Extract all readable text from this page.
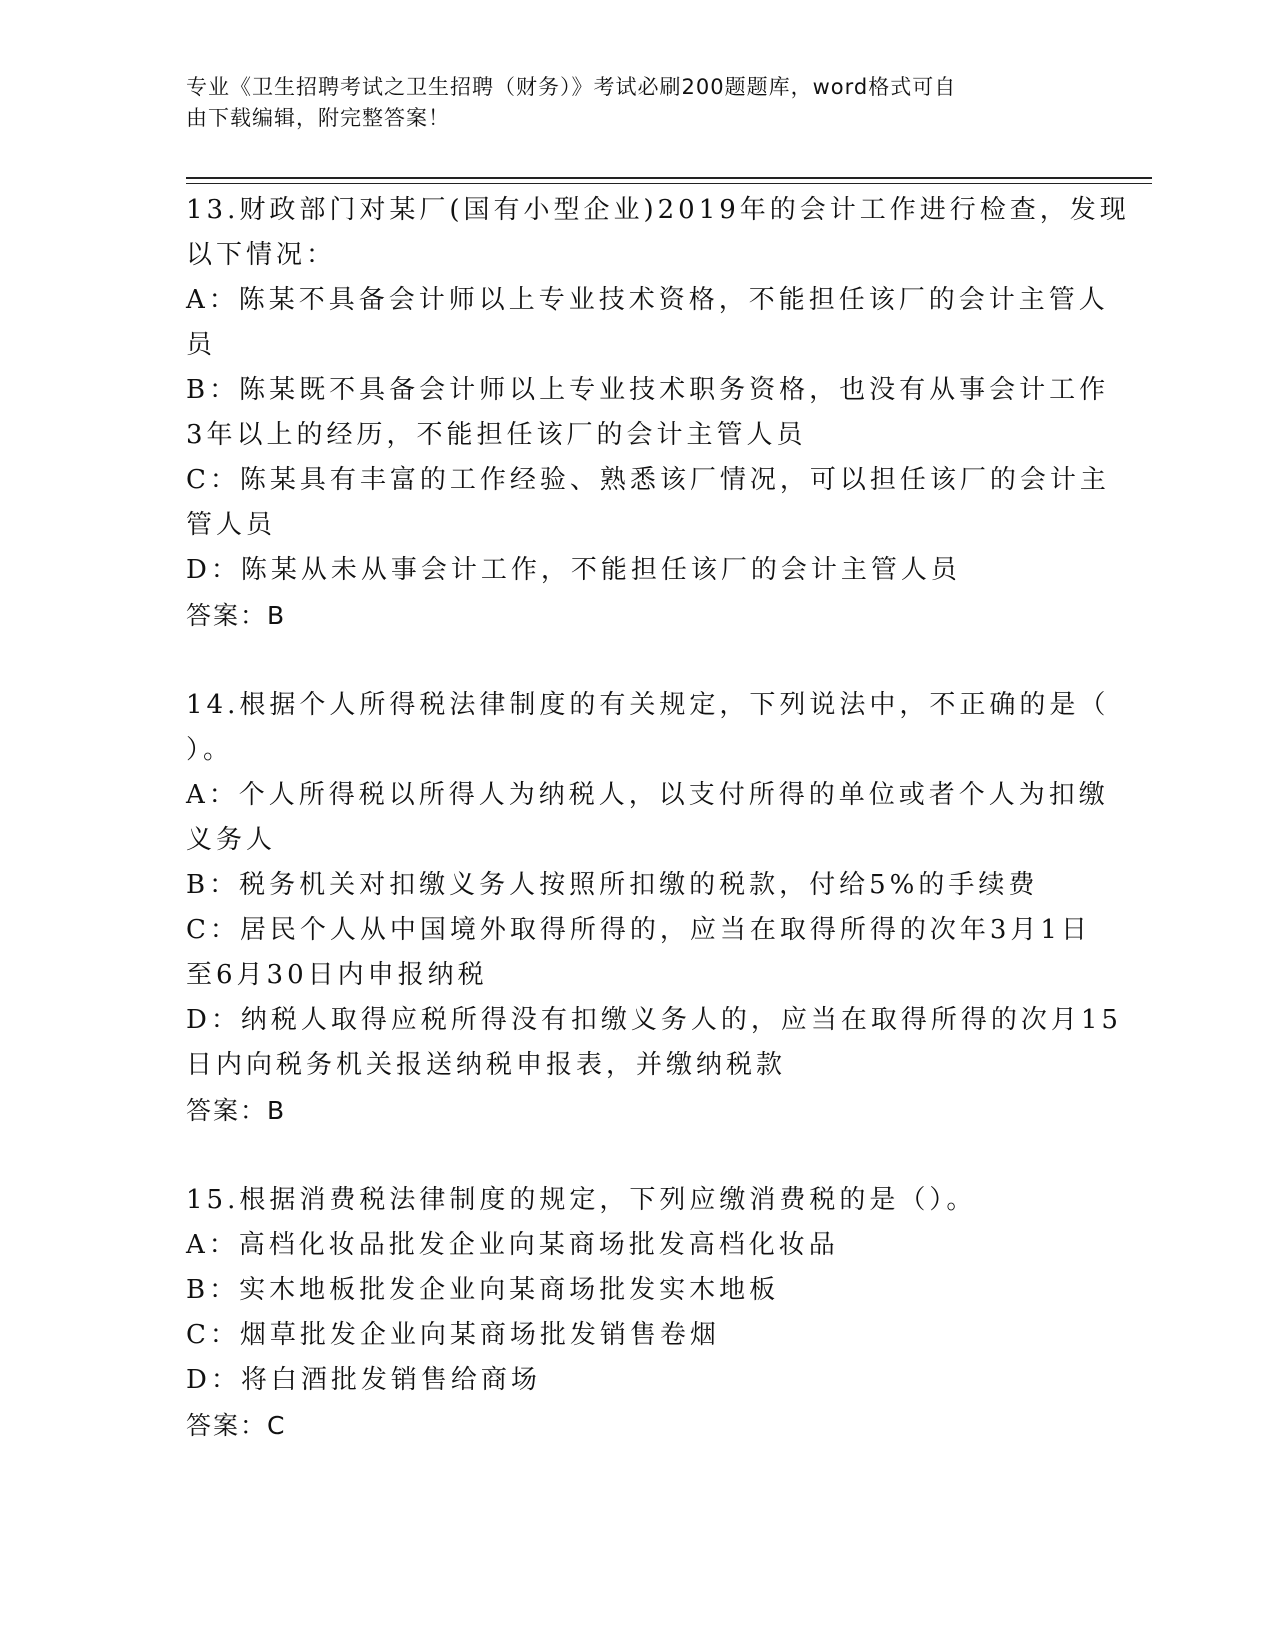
专业《卫生招聘考试之卫生招聘（财务）》考试必刷200题题库，word格式可自
由下载编辑，附完整答案！
13.财政部门对某厂(国有小型企业)2019年的会计工作进行检查，发现
以下情况：
A：陈某不具备会计师以上专业技术资格，不能担任该厂的会计主管人
员
B：陈某既不具备会计师以上专业技术职务资格，也没有从事会计工作
3年以上的经历，不能担任该厂的会计主管人员
C：陈某具有丰富的工作经验、熟悉该厂情况，可以担任该厂的会计主
管人员
D：陈某从未从事会计工作，不能担任该厂的会计主管人员
答案：B
14.根据个人所得税法律制度的有关规定，下列说法中，不正确的是（
）。
A：个人所得税以所得人为纳税人，以支付所得的单位或者个人为扣缴
义务人
B：税务机关对扣缴义务人按照所扣缴的税款，付给5%的手续费
C：居民个人从中国境外取得所得的，应当在取得所得的次年3月1日
至6月30日内申报纳税
D：纳税人取得应税所得没有扣缴义务人的，应当在取得所得的次月15
日内向税务机关报送纳税申报表，并缴纳税款
答案：B
15.根据消费税法律制度的规定，下列应缴消费税的是（）。
A：高档化妆品批发企业向某商场批发高档化妆品
B：实木地板批发企业向某商场批发实木地板
C：烟草批发企业向某商场批发销售卷烟
D：将白酒批发销售给商场
答案：C
